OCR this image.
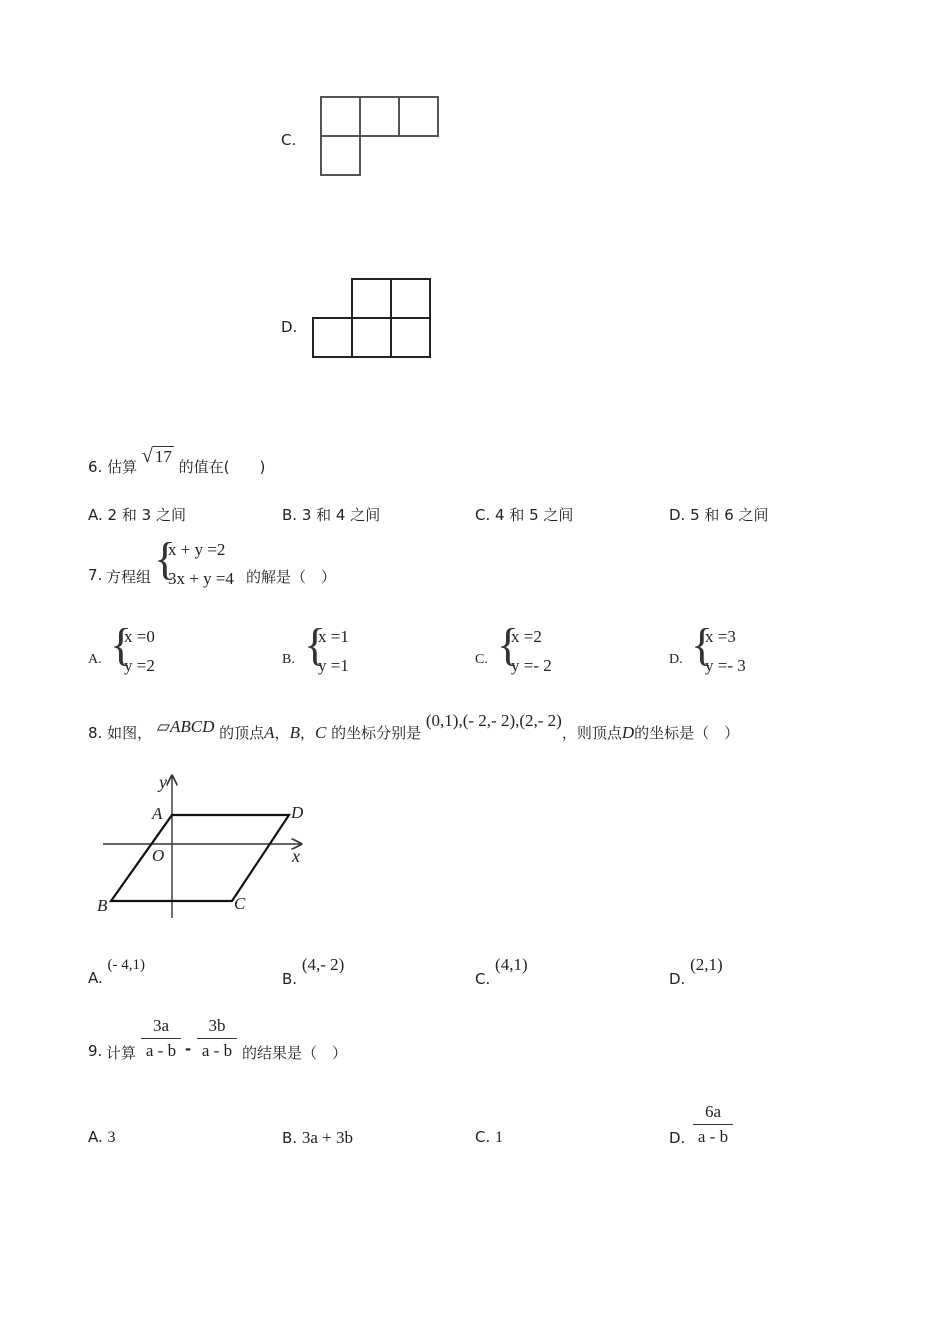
C.
D.
6. 估算 √ 17 的值在(　　)
A. 2 和 3 之间	B. 3 和 4 之间	C. 4 和 5 之间	D. 5 和 6 之间
7. 方程组 {
x + y =2
3x + y =4 的解是（　）
A. {
x =0
y =2	B. {
x =1
y =1	C. {
x =2
y =- 2	D. {
x =3
y =- 3
8. 如图， ▱ABCD 的顶点A，B，C 的坐标分别是 (0,1),(- 2,- 2),(2,- 2)，则顶点D的坐标是（　）
y
x
A	D
O
B	C
A. (- 4,1)
B. (4,- 2)
C. (4,1)
D. (2,1)
9. 计算
3a
a - b -
3b
a - b 的结果是（　）
A. 3	B. 3a + 3b	C. 1	D.
6a
a - b
